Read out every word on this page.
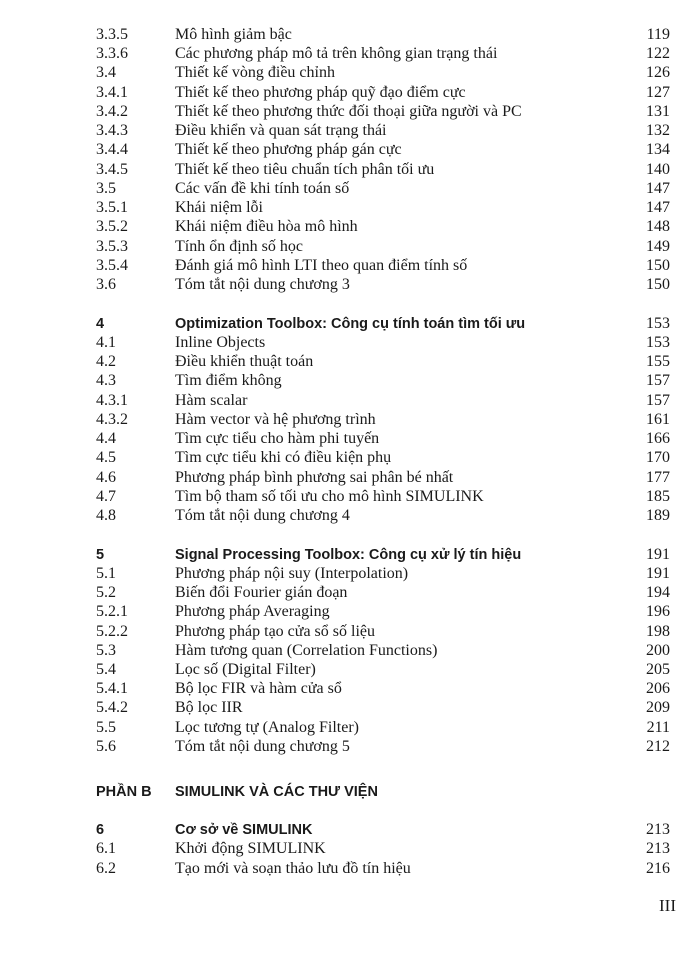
3.3.5	Mô hình giảm bậc	119
3.3.6	Các phương pháp mô tả trên không gian trạng thái	122
3.4	Thiết kế vòng điều chỉnh	126
3.4.1	Thiết kế theo phương pháp quỹ đạo điểm cực	127
3.4.2	Thiết kế theo phương thức đối thoại giữa người và PC	131
3.4.3	Điều khiển và quan sát trạng thái	132
3.4.4	Thiết kế theo phương pháp gán cực	134
3.4.5	Thiết kế theo tiêu chuẩn tích phân tối ưu	140
3.5	Các vấn đề khi tính toán số	147
3.5.1	Khái niệm lỗi	147
3.5.2	Khái niệm điều hòa mô hình	148
3.5.3	Tính ổn định số học	149
3.5.4	Đánh giá mô hình LTI theo quan điểm tính số	150
3.6	Tóm tắt nội dung chương 3	150
4	Optimization Toolbox: Công cụ tính toán tìm tối ưu	153
4.1	Inline Objects	153
4.2	Điều khiển thuật toán	155
4.3	Tìm điểm không	157
4.3.1	Hàm scalar	157
4.3.2	Hàm vector và hệ phương trình	161
4.4	Tìm cực tiểu cho hàm phi tuyến	166
4.5	Tìm cực tiểu khi có điều kiện phụ	170
4.6	Phương pháp bình phương sai phân bé nhất	177
4.7	Tìm bộ tham số tối ưu cho mô hình SIMULINK	185
4.8	Tóm tắt nội dung chương 4	189
5	Signal Processing Toolbox: Công cụ xử lý tín hiệu	191
5.1	Phương pháp nội suy (Interpolation)	191
5.2	Biến đổi Fourier gián đoạn	194
5.2.1	Phương pháp Averaging	196
5.2.2	Phương pháp tạo cửa sổ số liệu	198
5.3	Hàm tương quan (Correlation Functions)	200
5.4	Lọc số (Digital Filter)	205
5.4.1	Bộ lọc FIR và hàm cửa sổ	206
5.4.2	Bộ lọc IIR	209
5.5	Lọc tương tự (Analog Filter)	211
5.6	Tóm tắt nội dung chương 5	212
PHẦN B SIMULINK VÀ CÁC THƯ VIỆN
6	Cơ sở về SIMULINK	213
6.1	Khởi động SIMULINK	213
6.2	Tạo mới và soạn thảo lưu đồ tín hiệu	216
III
